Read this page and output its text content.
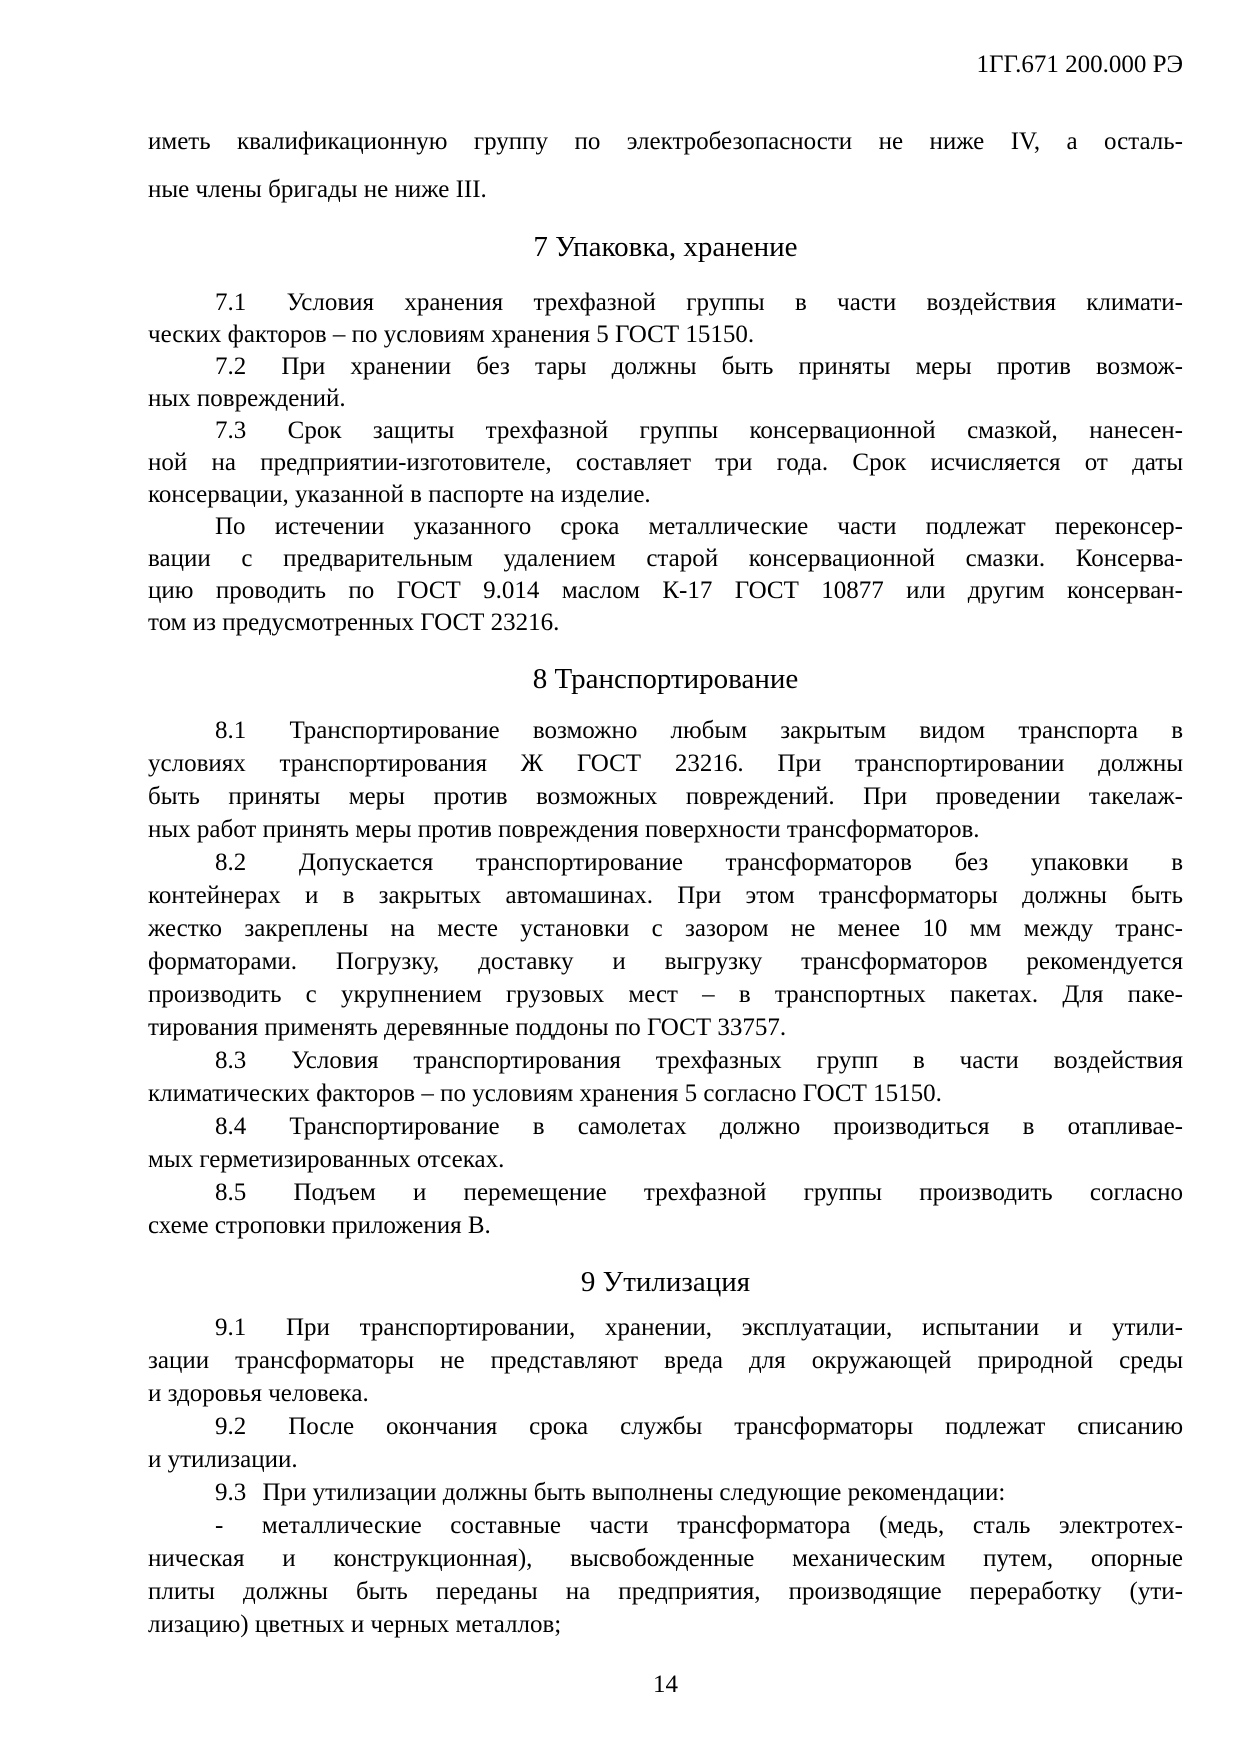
1ГГ.671 200.000 РЭ

иметь квалификационную группу по электробезопасности не ниже IV, а осталь-
ные члены бригады не ниже III.

7 Упаковка, хранение

7.1 Условия хранения трехфазной группы в части воздействия климати-
ческих факторов – по условиям хранения 5 ГОСТ 15150.

7.2 При хранении без тары должны быть приняты меры против возмож-
ных повреждений.

7.3 Срок защиты трехфазной группы консервационной смазкой, нанесен-
ной на предприятии-изготовителе, составляет три года. Срок исчисляется от даты
консервации, указанной в паспорте на изделие.

По истечении указанного срока металлические части подлежат переконсер-
вации с предварительным удалением старой консервационной смазки. Консерва-
цию проводить по ГОСТ 9.014 маслом К-17 ГОСТ 10877 или другим консерван-
том из предусмотренных ГОСТ 23216.

8 Транспортирование

8.1 Транспортирование возможно любым закрытым видом транспорта в
условиях транспортирования Ж ГОСТ 23216. При транспортировании должны
быть приняты меры против возможных повреждений. При проведении такелаж-
ных работ принять меры против повреждения поверхности трансформаторов.

8.2 Допускается транспортирование трансформаторов без упаковки в
контейнерах и в закрытых автомашинах. При этом трансформаторы должны быть
жестко закреплены на месте установки с зазором не менее 10 мм между транс-
форматорами. Погрузку, доставку и выгрузку трансформаторов рекомендуется
производить с укрупнением грузовых мест – в транспортных пакетах. Для паке-
тирования применять деревянные поддоны по ГОСТ 33757.

8.3 Условия транспортирования трехфазных групп в части воздействия
климатических факторов – по условиям хранения 5 согласно ГОСТ 15150.

8.4 Транспортирование в самолетах должно производиться в отапливае-
мых герметизированных отсеках.

8.5 Подъем и перемещение трехфазной группы производить согласно
схеме строповки приложения В.

9 Утилизация

9.1 При транспортировании, хранении, эксплуатации, испытании и утили-
зации трансформаторы не представляют вреда для окружающей природной среды
и здоровья человека.

9.2 После окончания срока службы трансформаторы подлежат списанию
и утилизации.

9.3 При утилизации должны быть выполнены следующие рекомендации:

- металлические составные части трансформатора (медь, сталь электротех-
ническая и конструкционная), высвобожденные механическим путем, опорные
плиты должны быть переданы на предприятия, производящие переработку (ути-
лизацию) цветных и черных металлов;

14
